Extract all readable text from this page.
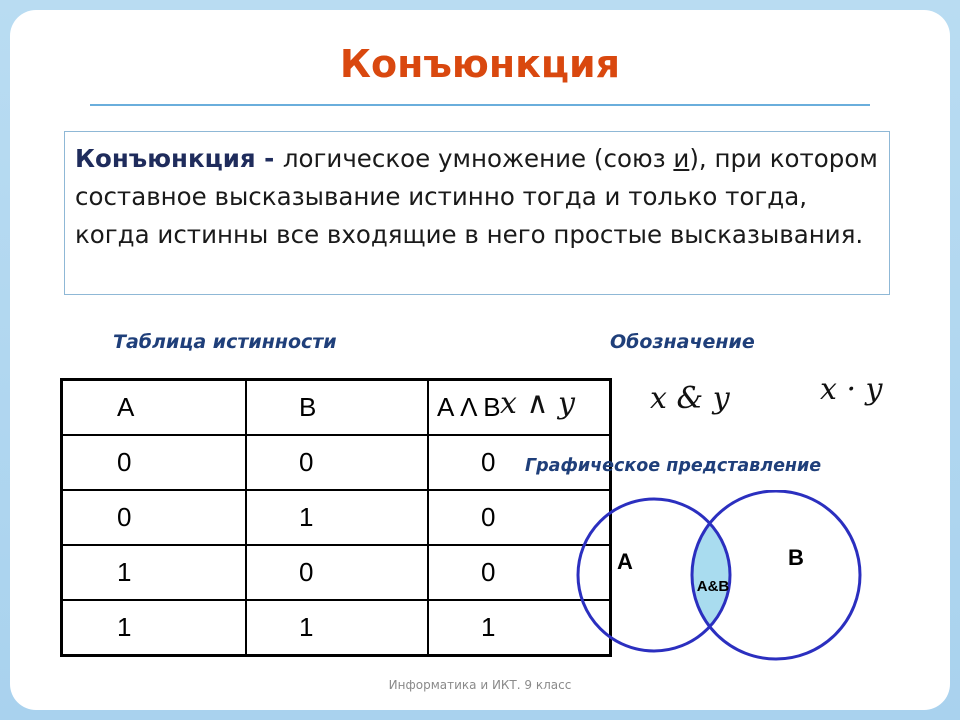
Конъюнкция
Конъюнкция - логическое умножение (союз и), при котором составное высказывание истинно тогда и только тогда, когда истинны все входящие в него простые высказывания.

Таблица истинности

A	B	A Λ B
0	0	0
0	1	0
1	0	0
1	1	1

Обозначение

x ∧ y	x & y	x · y

Графическое представление

A	B
A&B
Информатика и ИКТ. 9 класс
